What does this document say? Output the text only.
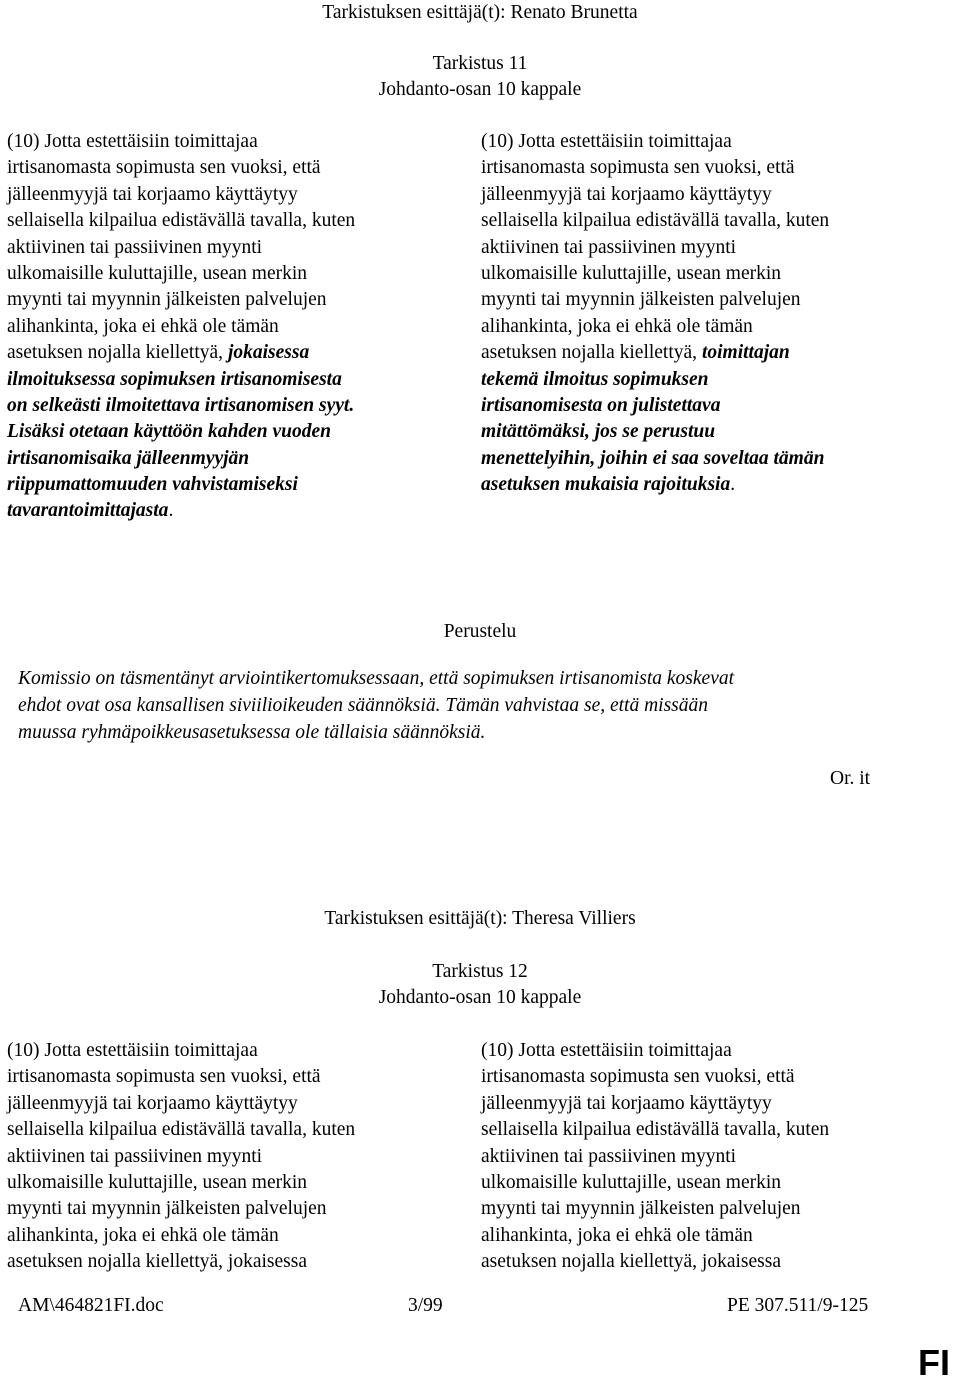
Tarkistuksen esittäjä(t): Renato Brunetta
Tarkistus 11
Johdanto-osan 10 kappale
(10) Jotta estettäisiin toimittajaa
irtisanomasta sopimusta sen vuoksi, että
jälleenmyyjä tai korjaamo käyttäytyy
sellaisella kilpailua edistävällä tavalla, kuten
aktiivinen tai passiivinen myynti
ulkomaisille kuluttajille, usean merkin
myynti tai myynnin jälkeisten palvelujen
alihankinta, joka ei ehkä ole tämän
asetuksen nojalla kiellettyä, jokaisessa
ilmoituksessa sopimuksen irtisanomisesta
on selkeästi ilmoitettava irtisanomisen syyt.
Lisäksi otetaan käyttöön kahden vuoden
irtisanomisaika jälleenmyyjän
riippumattomuuden vahvistamiseksi
tavarantoimittajasta.
(10) Jotta estettäisiin toimittajaa
irtisanomasta sopimusta sen vuoksi, että
jälleenmyyjä tai korjaamo käyttäytyy
sellaisella kilpailua edistävällä tavalla, kuten
aktiivinen tai passiivinen myynti
ulkomaisille kuluttajille, usean merkin
myynti tai myynnin jälkeisten palvelujen
alihankinta, joka ei ehkä ole tämän
asetuksen nojalla kiellettyä, toimittajan
tekemä ilmoitus sopimuksen
irtisanomisesta on julistettava
mitättömäksi, jos se perustuu
menettelyihin, joihin ei saa soveltaa tämän
asetuksen mukaisia rajoituksia.
Perustelu
Komissio on täsmentänyt arviointikertomuksessaan, että sopimuksen irtisanomista koskevat
ehdot ovat osa kansallisen siviilioikeuden säännöksiä. Tämän vahvistaa se, että missään
muussa ryhmäpoikkeusasetuksessa ole tällaisia säännöksiä.
Or. it
Tarkistuksen esittäjä(t): Theresa Villiers
Tarkistus 12
Johdanto-osan 10 kappale
(10) Jotta estettäisiin toimittajaa
irtisanomasta sopimusta sen vuoksi, että
jälleenmyyjä tai korjaamo käyttäytyy
sellaisella kilpailua edistävällä tavalla, kuten
aktiivinen tai passiivinen myynti
ulkomaisille kuluttajille, usean merkin
myynti tai myynnin jälkeisten palvelujen
alihankinta, joka ei ehkä ole tämän
asetuksen nojalla kiellettyä, jokaisessa
(10) Jotta estettäisiin toimittajaa
irtisanomasta sopimusta sen vuoksi, että
jälleenmyyjä tai korjaamo käyttäytyy
sellaisella kilpailua edistävällä tavalla, kuten
aktiivinen tai passiivinen myynti
ulkomaisille kuluttajille, usean merkin
myynti tai myynnin jälkeisten palvelujen
alihankinta, joka ei ehkä ole tämän
asetuksen nojalla kiellettyä, jokaisessa
AM\464821FI.doc	3/99	PE 307.511/9-125
FI
